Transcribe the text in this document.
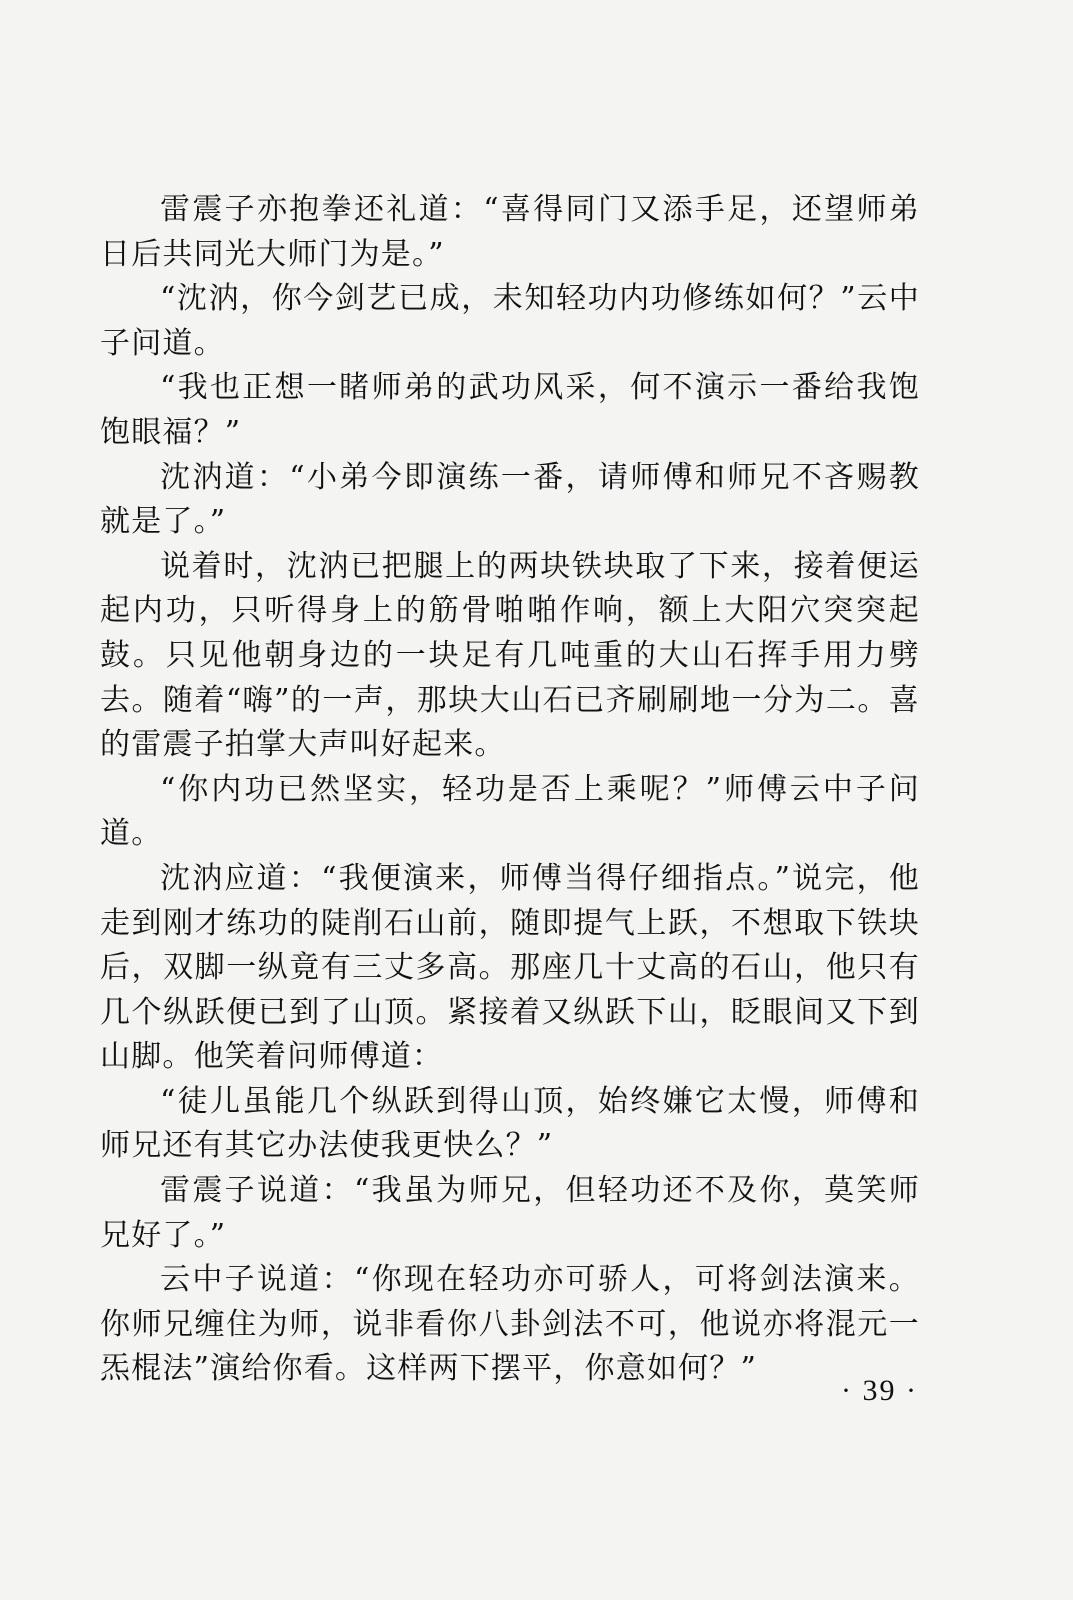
雷震子亦抱拳还礼道：“喜得同门又添手足，还望师弟日后共同光大师门为是。”

“沈汭，你今剑艺已成，未知轻功内功修练如何？”云中子问道。

“我也正想一睹师弟的武功风采，何不演示一番给我饱饱眼福？”

沈汭道：“小弟今即演练一番，请师傅和师兄不吝赐教就是了。”

说着时，沈汭已把腿上的两块铁块取了下来，接着便运起内功，只听得身上的筋骨啪啪作响，额上大阳穴突突起鼓。只见他朝身边的一块足有几吨重的大山石挥手用力劈去。随着“嗨”的一声，那块大山石已齐刷刷地一分为二。喜的雷震子拍掌大声叫好起来。

“你内功已然坚实，轻功是否上乘呢？”师傅云中子问道。

沈汭应道：“我便演来，师傅当得仔细指点。”说完，他走到刚才练功的陡削石山前，随即提气上跃，不想取下铁块后，双脚一纵竟有三丈多高。那座几十丈高的石山，他只有几个纵跃便已到了山顶。紧接着又纵跃下山，眨眼间又下到山脚。他笑着问师傅道：

“徒儿虽能几个纵跃到得山顶，始终嫌它太慢，师傅和师兄还有其它办法使我更快么？”

雷震子说道：“我虽为师兄，但轻功还不及你，莫笑师兄好了。”

云中子说道：“你现在轻功亦可骄人，可将剑法演来。你师兄缠住为师，说非看你八卦剑法不可，他说亦将混元一炁棍法”演给你看。这样两下摆平，你意如何？”

· 39 ·
